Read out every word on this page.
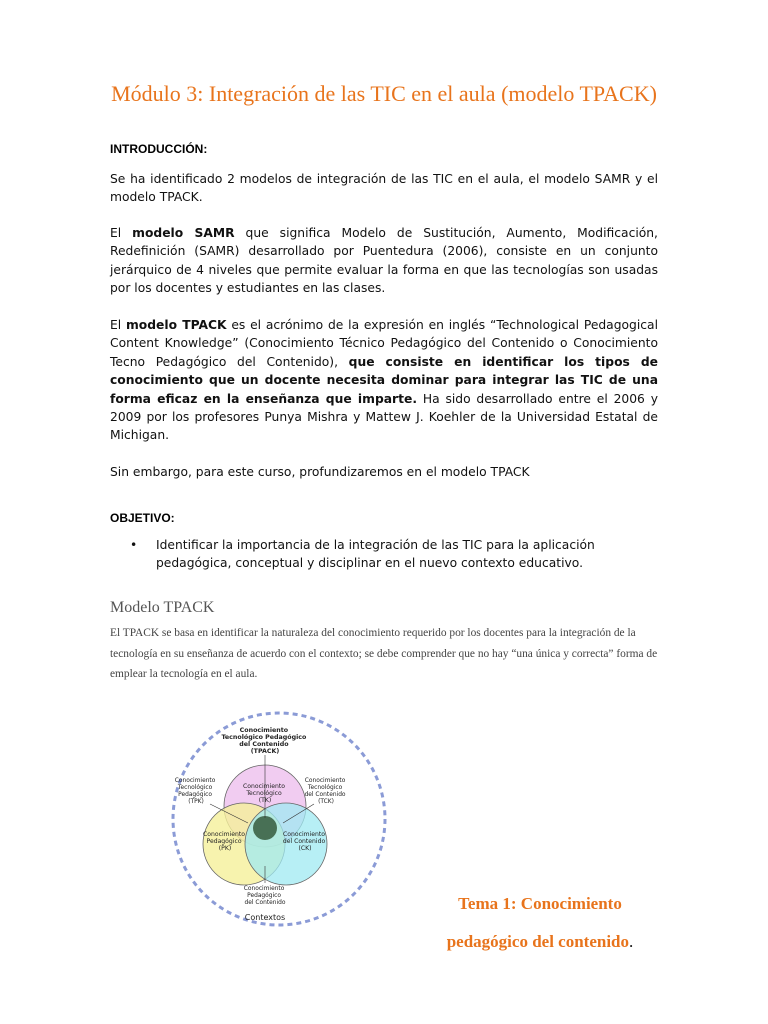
Módulo 3: Integración de las TIC en el aula (modelo TPACK)
INTRODUCCIÓN:
Se ha identificado 2 modelos de integración de las TIC en el aula, el modelo SAMR y el modelo TPACK.
El modelo SAMR que significa Modelo de Sustitución, Aumento, Modificación, Redefinición (SAMR) desarrollado por Puentedura (2006), consiste en un conjunto jerárquico de 4 niveles que permite evaluar la forma en que las tecnologías son usadas por los docentes y estudiantes en las clases.
El modelo TPACK es el acrónimo de la expresión en inglés “Technological Pedagogical Content Knowledge” (Conocimiento Técnico Pedagógico del Contenido o Conocimiento Tecno Pedagógico del Contenido), que consiste en identificar los tipos de conocimiento que un docente necesita dominar para integrar las TIC de una forma eficaz en la enseñanza que imparte. Ha sido desarrollado entre el 2006 y 2009 por los profesores Punya Mishra y Mattew J. Koehler de la Universidad Estatal de Michigan.
Sin embargo, para este curso, profundizaremos en el modelo TPACK
OBJETIVO:
• Identificar la importancia de la integración de las TIC para la aplicación pedagógica, conceptual y disciplinar en el nuevo contexto educativo.
Modelo TPACK
El TPACK se basa en identificar la naturaleza del conocimiento requerido por los docentes para la integración de la tecnología en su enseñanza de acuerdo con el contexto; se debe comprender que no hay “una única y correcta” forma de emplear la tecnología en el aula.
Conocimiento Tecnológico Pedagógico del Contenido (TPACK)
Conocimiento Tecnológico Pedagógico (TPK)
Conocimiento Tecnológico del Contenido (TCK)
Conocimiento Tecnológico (TK)
Conocimiento Pedagógico (PK)
Conocimiento del Contenido (CK)
Conocimiento Pedagógico del Contenido
Contextos
Tema 1: Conocimiento
pedagógico del contenido.
